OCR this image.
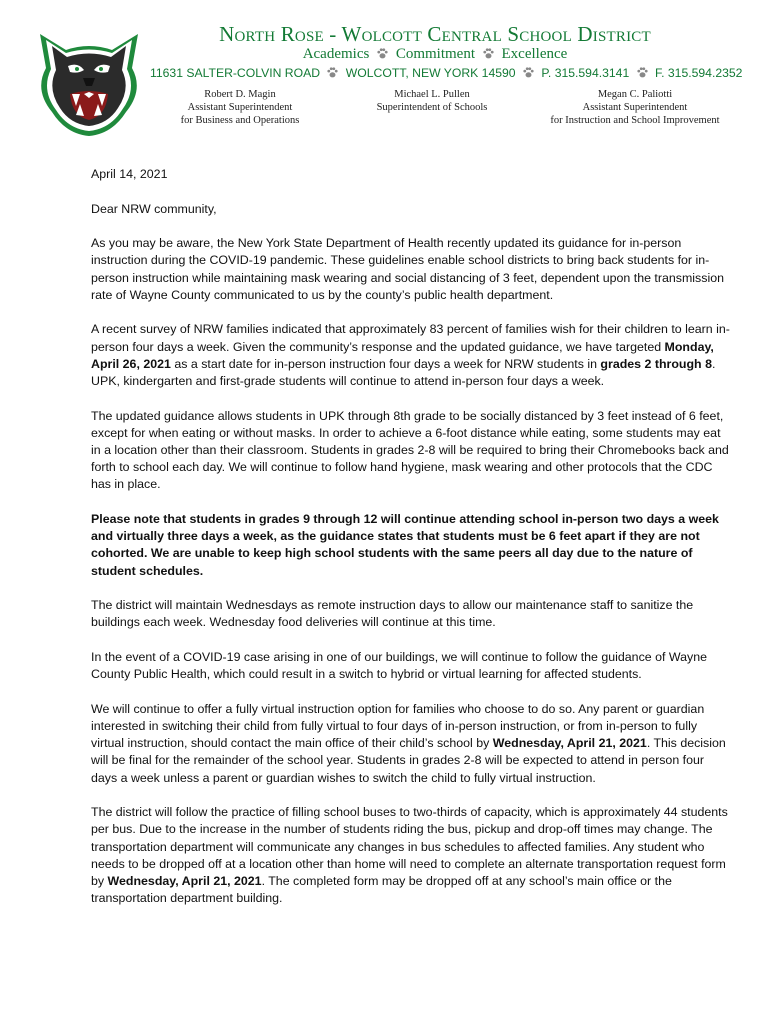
North Rose - Wolcott Central School District
Academics Commitment Excellence
11631 SALTER-COLVIN ROAD WOLCOTT, NEW YORK 14590 P. 315.594.3141 F. 315.594.2352
Robert D. Magin
Assistant Superintendent
for Business and Operations
Michael L. Pullen
Superintendent of Schools
Megan C. Paliotti
Assistant Superintendent
for Instruction and School Improvement

April 14, 2021

Dear NRW community,

As you may be aware, the New York State Department of Health recently updated its guidance for in-person instruction during the COVID-19 pandemic. These guidelines enable school districts to bring back students for in-person instruction while maintaining mask wearing and social distancing of 3 feet, dependent upon the transmission rate of Wayne County communicated to us by the county’s public health department.

A recent survey of NRW families indicated that approximately 83 percent of families wish for their children to learn in-person four days a week. Given the community’s response and the updated guidance, we have targeted Monday, April 26, 2021 as a start date for in-person instruction four days a week for NRW students in grades 2 through 8. UPK, kindergarten and first-grade students will continue to attend in-person four days a week.

The updated guidance allows students in UPK through 8th grade to be socially distanced by 3 feet instead of 6 feet, except for when eating or without masks. In order to achieve a 6-foot distance while eating, some students may eat in a location other than their classroom. Students in grades 2-8 will be required to bring their Chromebooks back and forth to school each day. We will continue to follow hand hygiene, mask wearing and other protocols that the CDC has in place.

Please note that students in grades 9 through 12 will continue attending school in-person two days a week and virtually three days a week, as the guidance states that students must be 6 feet apart if they are not cohorted. We are unable to keep high school students with the same peers all day due to the nature of student schedules.

The district will maintain Wednesdays as remote instruction days to allow our maintenance staff to sanitize the buildings each week. Wednesday food deliveries will continue at this time.

In the event of a COVID-19 case arising in one of our buildings, we will continue to follow the guidance of Wayne County Public Health, which could result in a switch to hybrid or virtual learning for affected students.

We will continue to offer a fully virtual instruction option for families who choose to do so. Any parent or guardian interested in switching their child from fully virtual to four days of in-person instruction, or from in-person to fully virtual instruction, should contact the main office of their child’s school by Wednesday, April 21, 2021. This decision will be final for the remainder of the school year. Students in grades 2-8 will be expected to attend in person four days a week unless a parent or guardian wishes to switch the child to fully virtual instruction.

The district will follow the practice of filling school buses to two-thirds of capacity, which is approximately 44 students per bus. Due to the increase in the number of students riding the bus, pickup and drop-off times may change. The transportation department will communicate any changes in bus schedules to affected families. Any student who needs to be dropped off at a location other than home will need to complete an alternate transportation request form by Wednesday, April 21, 2021. The completed form may be dropped off at any school’s main office or the transportation department building.
